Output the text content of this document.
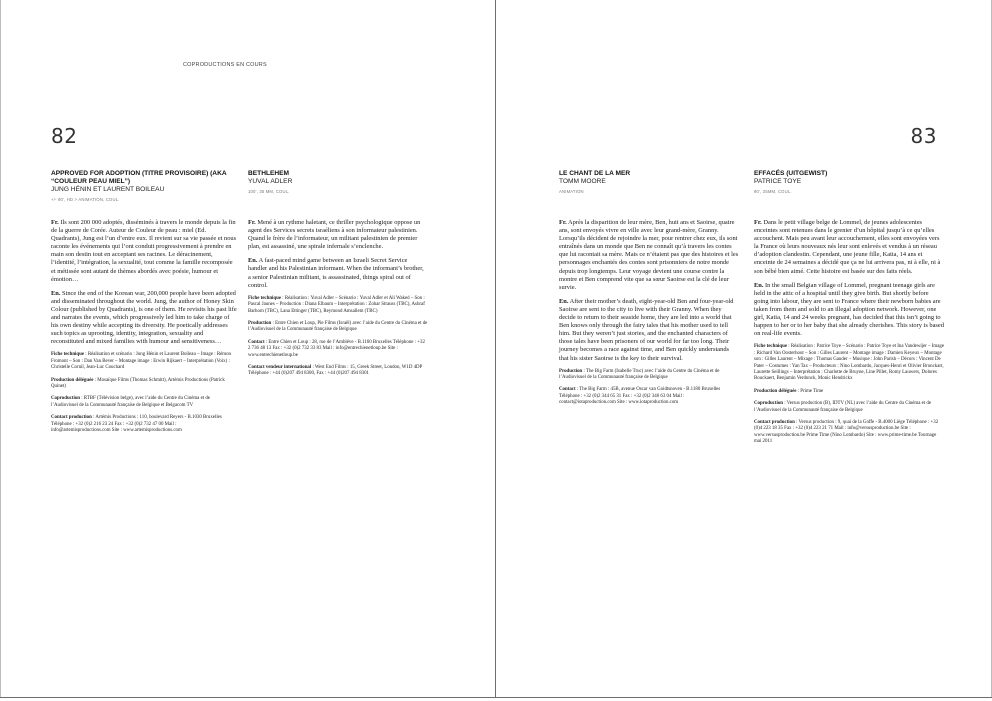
COPRODUCTIONS EN COURS
82
APPROVED FOR ADOPTION (TITRE PROVISOIRE) (AKA “COULEUR PEAU MIEL”)
JUNG HÉNIN ET LAURENT BOILEAU
+/- 90', HD > ANIMATION, COUL.

Fr. Ils sont 200 000 adoptés, disséminés à travers le monde depuis la fin de la guerre de Corée. Auteur de Couleur de peau : miel (Ed. Quadrants), Jung est l’un d’entre eux. Il revient sur sa vie passée et nous raconte les événements qui l’ont conduit progressivement à prendre en main son destin tout en acceptant ses racines. Le déracinement, l’identité, l’intégration, la sexualité, tout comme la famille recomposée et métissée sont autant de thèmes abordés avec poésie, humour et émotion…

En. Since the end of the Korean war, 200,000 people have been adopted and disseminated throughout the world. Jung, the author of Honey Skin Colour (published by Quadrants), is one of them. He revisits his past life and narrates the events, which progressively led him to take charge of his own destiny while accepting its diversity. He poetically addresses such topics as uprooting, identity, integration, sexuality and reconstituted and mixed families with humour and sensitiveness…

Fiche technique : Réalisation et scénario : Jung Hénin et Laurent Boileau – Image : Rémon Fromont – Son : Dan Van Bever – Montage image : Erwin Rijkaert – Interprétation (Voix) : Christelle Cornil, Jean-Luc Couchard

Production déléguée : Mosaïque Films (Thomas Schmitt), Artémis Productions (Patrick Quinet)

Coproduction : RTBF (Télévision belge), avec l’aide du Centre du Cinéma et de l’Audiovisuel de la Communauté française de Belgique et Belgacom TV

Contact production : Artémis Productions : 110, boulevard Reyers - B.1030 Bruxelles Téléphone : +32 (0)2 216 23 24 Fax : +32 (0)2 732 47 00 Mail : info@artemisproductions.com Site : www.artemisproductions.com

BETHLEHEM
YUVAL ADLER
100', 35 MM, COUL.

Fr. Mené à un rythme haletant, ce thriller psychologique oppose un agent des Services secrets israéliens à son informateur palestinien. Quand le frère de l’informateur, un militant palestinien de premier plan, est assassiné, une spirale infernale s’enclenche.

En. A fast-paced mind game between an Israeli Secret Service handler and his Palestinian informant. When the informant’s brother, a senior Palestinian militant, is assassinated, things spiral out of control.

Fiche technique : Réalisation : Yuval Adler – Scénario : Yuval Adler et Ali Waked – Son : Pascal Jaunes – Production : Diana Elbaum – Interprétation : Zohar Strauss (TBC), Ashraf Barhom (TBC), Lana Ettinger (TBC), Reymond Amsallem (TBC)

Production : Entre Chien et Loup, Pie Films (Israël) avec l’aide du Centre du Cinéma et de l’Audiovisuel de la Communauté française de Belgique

Contact : Entre Chien et Loup : 28, rue de l’Ambléve - B.1160 Bruxelles Téléphone : +32 2 736 48 13 Fax : +32 (0)2 732 33 83 Mail : info@entrechienetloup.be Site : www.entrechienetloup.be

Contact vendeur international : West End Films : 15, Greek Street, London, W1D 4DP Téléphone : +44 (0)207 494 8300, Fax : +44 (0)207 494 8301

83
LE CHANT DE LA MER
TOMM MOORE
ANIMATION

Fr. Après la disparition de leur mère, Ben, huit ans et Saoirse, quatre ans, sont envoyés vivre en ville avec leur grand-mère, Granny. Lorsqu’ils décident de rejoindre la mer, pour rentrer chez eux, ils sont entraînés dans un monde que Ben ne connaît qu’à travers les contes que lui racontait sa mère. Mais ce n’étaient pas que des histoires et les personnages enchantés des contes sont prisonniers de notre monde depuis trop longtemps. Leur voyage devient une course contre la montre et Ben comprend vite que sa sœur Saoirse est la clé de leur survie.

En. After their mother’s death, eight-year-old Ben and four-year-old Saoirse are sent to the city to live with their Granny. When they decide to return to their seaside home, they are led into a world that Ben knows only through the fairy tales that his mother used to tell him. But they weren’t just stories, and the enchanted characters of those tales have been prisoners of our world for far too long. Their journey becomes a race against time, and Ben quickly understands that his sister Saoirse is the key to their survival.

Production : The Big Farm (Isabelle Truc) avec l’aide du Centre du Cinéma et de l’Audiovisuel de la Communauté française de Belgique

Contact : The Big Farm : 45B, avenue Oscar van Goidtsnoven - B.1180 Bruxelles Téléphone : +32 (0)2 344 65 31 Fax : +32 (0)2 346 63 04 Mail : contact@iotaproduction.com Site : www.iotaproduction.com

EFFACÉS (UITGEWIST)
PATRICE TOYE
90', 35MM, COUL.

Fr. Dans le petit village belge de Lommel, de jeunes adolescentes enceintes sont retenues dans le grenier d’un hôpital jusqu’à ce qu’elles accouchent. Mais peu avant leur accouchement, elles sont envoyées vers la France où leurs nouveaux nés leur sont enlevés et vendus à un réseau d’adoption clandestin. Cependant, une jeune fille, Katia, 14 ans et enceinte de 24 semaines a décidé que ça ne lui arrivera pas, ni à elle, ni à son bébé bien aimé. Cette histoire est basée sur des faits réels.

En. In the small Belgian village of Lommel, pregnant teenage girls are held in the attic of a hospital until they give birth. But shortly before going into labour, they are sent to France where their newborn babies are taken from them and sold to an illegal adoption network. However, one girl, Katia, 14 and 24 weeks pregnant, has decided that this isn’t going to happen to her or to her baby that she already cherishes. This story is based on real-life events.

Fiche technique : Réalisation : Patrice Toye – Scénario : Patrice Toye et Ina Vandewijer – Image : Richard Van Oosterhout – Son : Gilles Laurent – Montage image : Damien Keyeux – Montage son : Gilles Laurent – Mixage : Thomas Gauder – Musique : John Parish – Décors : Vincent De Pater – Costumes : Yan Tax – Producteurs : Nino Lombardo, Jacques-Henri et Olivier Bronckart, Laurette Seillings – Interprétation : Charlotte de Bruyne, Line Pillet, Romy Lauwers, Dolores Bouckaert, Benjamin Verdonck, Monic Hendrickx

Production déléguée : Prime Time

Coproduction : Versus production (B), IDTV (NL) avec l’aide du Centre du Cinéma et de l’Audiovisuel de la Communauté française de Belgique

Contact production : Versus production : 9, quai de la Goffe - B.4000 Liège Téléphone : +32 (0)4 223 18 35 Fax : +32 (0)4 223 21 71 Mail : info@versusproduction.be Site : www.versusproduction.be Prime Time (Nino Lombardo) Site : www.prime-time.be Tournage mai 2011
